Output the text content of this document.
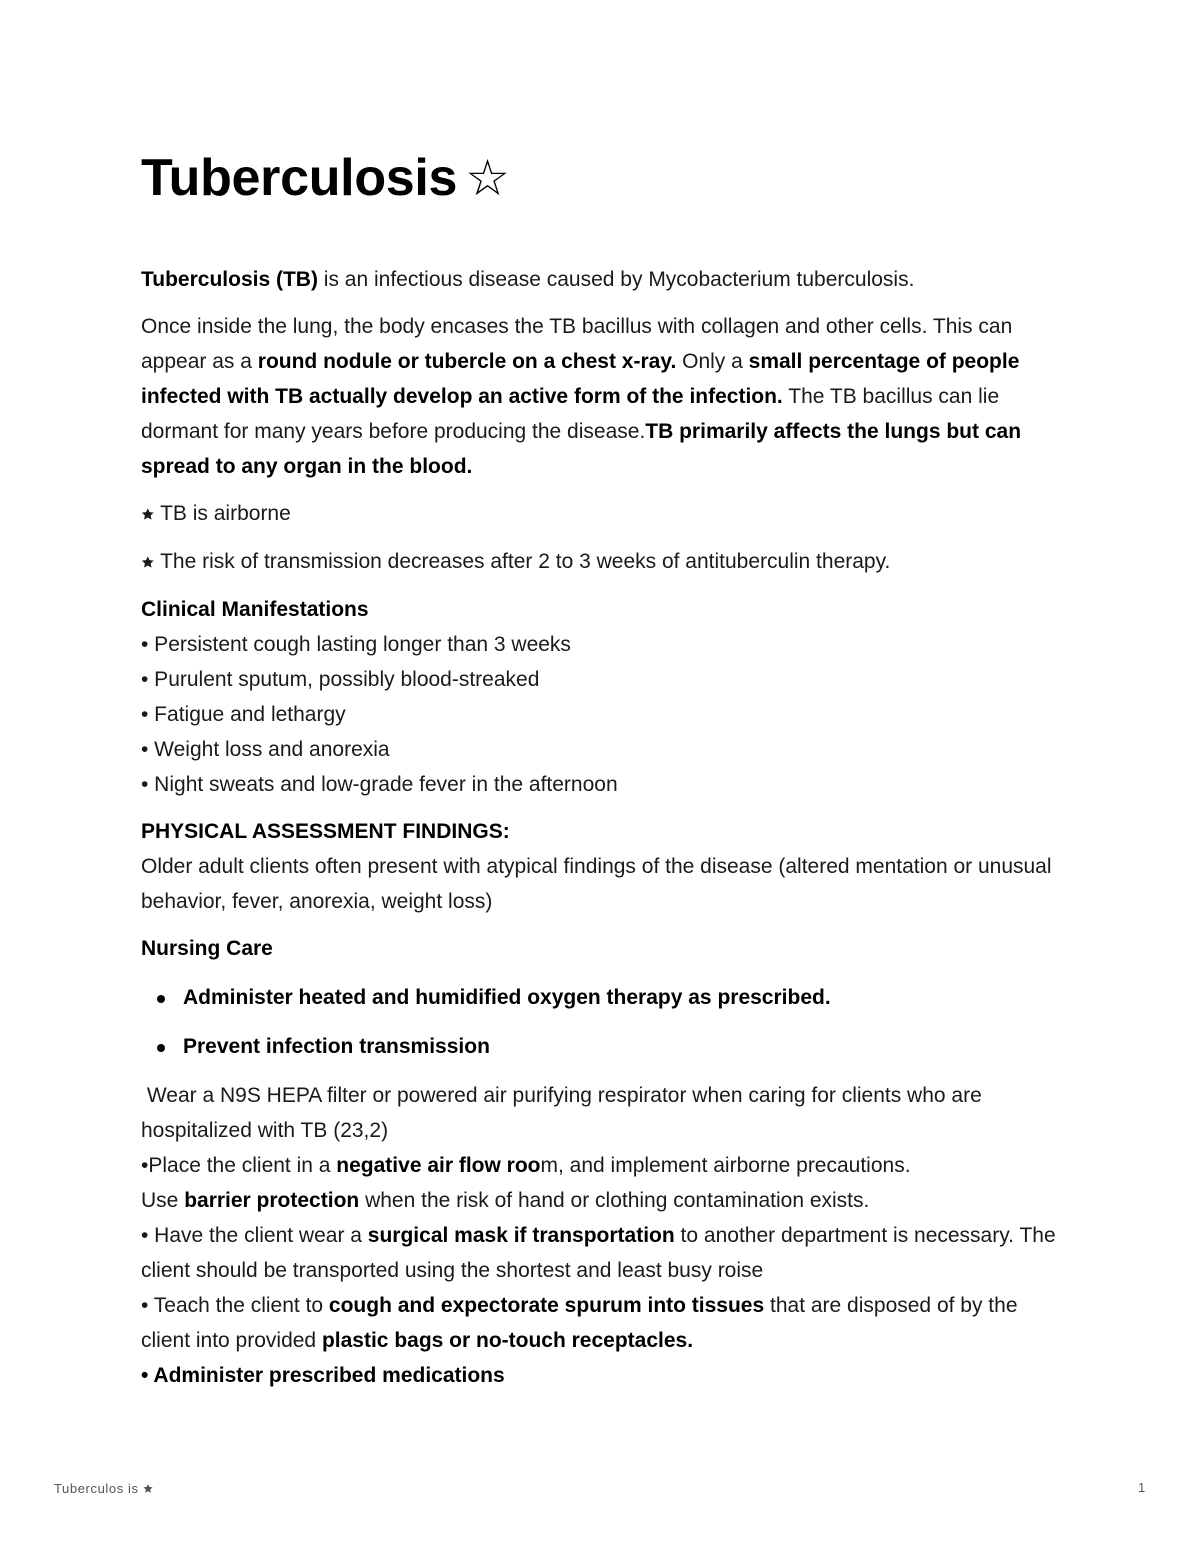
Tuberculosis ☆

Tuberculosis (TB) is an infectious disease caused by Mycobacterium tuberculosis.

Once inside the lung, the body encases the TB bacillus with collagen and other cells. This can appear as a round nodule or tubercle on a chest x-ray. Only a small percentage of people infected with TB actually develop an active form of the infection. The TB bacillus can lie dormant for many years before producing the disease.TB primarily affects the lungs but can spread to any organ in the blood.

🟊 TB is airborne

🟊 The risk of transmission decreases after 2 to 3 weeks of antituberculin therapy.

Clinical Manifestations

• Persistent cough lasting longer than 3 weeks

• Purulent sputum, possibly blood-streaked

• Fatigue and lethargy

• Weight loss and anorexia

• Night sweats and low-grade fever in the afternoon

PHYSICAL ASSESSMENT FINDINGS:

Older adult clients often present with atypical findings of the disease (altered mentation or unusual behavior, fever, anorexia, weight loss)

Nursing Care

Administer heated and humidified oxygen therapy as prescribed.
Prevent infection transmission

Wear a N9S HEPA filter or powered air purifying respirator when caring for clients who are hospitalized with TB (23,2)

•Place the client in a negative air flow room, and implement airborne precautions.

Use barrier protection when the risk of hand or clothing contamination exists.

• Have the client wear a surgical mask if transportation to another department is necessary. The client should be transported using the shortest and least busy roise

• Teach the client to cough and expectorate spurum into tissues that are disposed of by the client into provided plastic bags or no-touch receptacles.

• Administer prescribed medications

Tuberculos is 🟊	1
